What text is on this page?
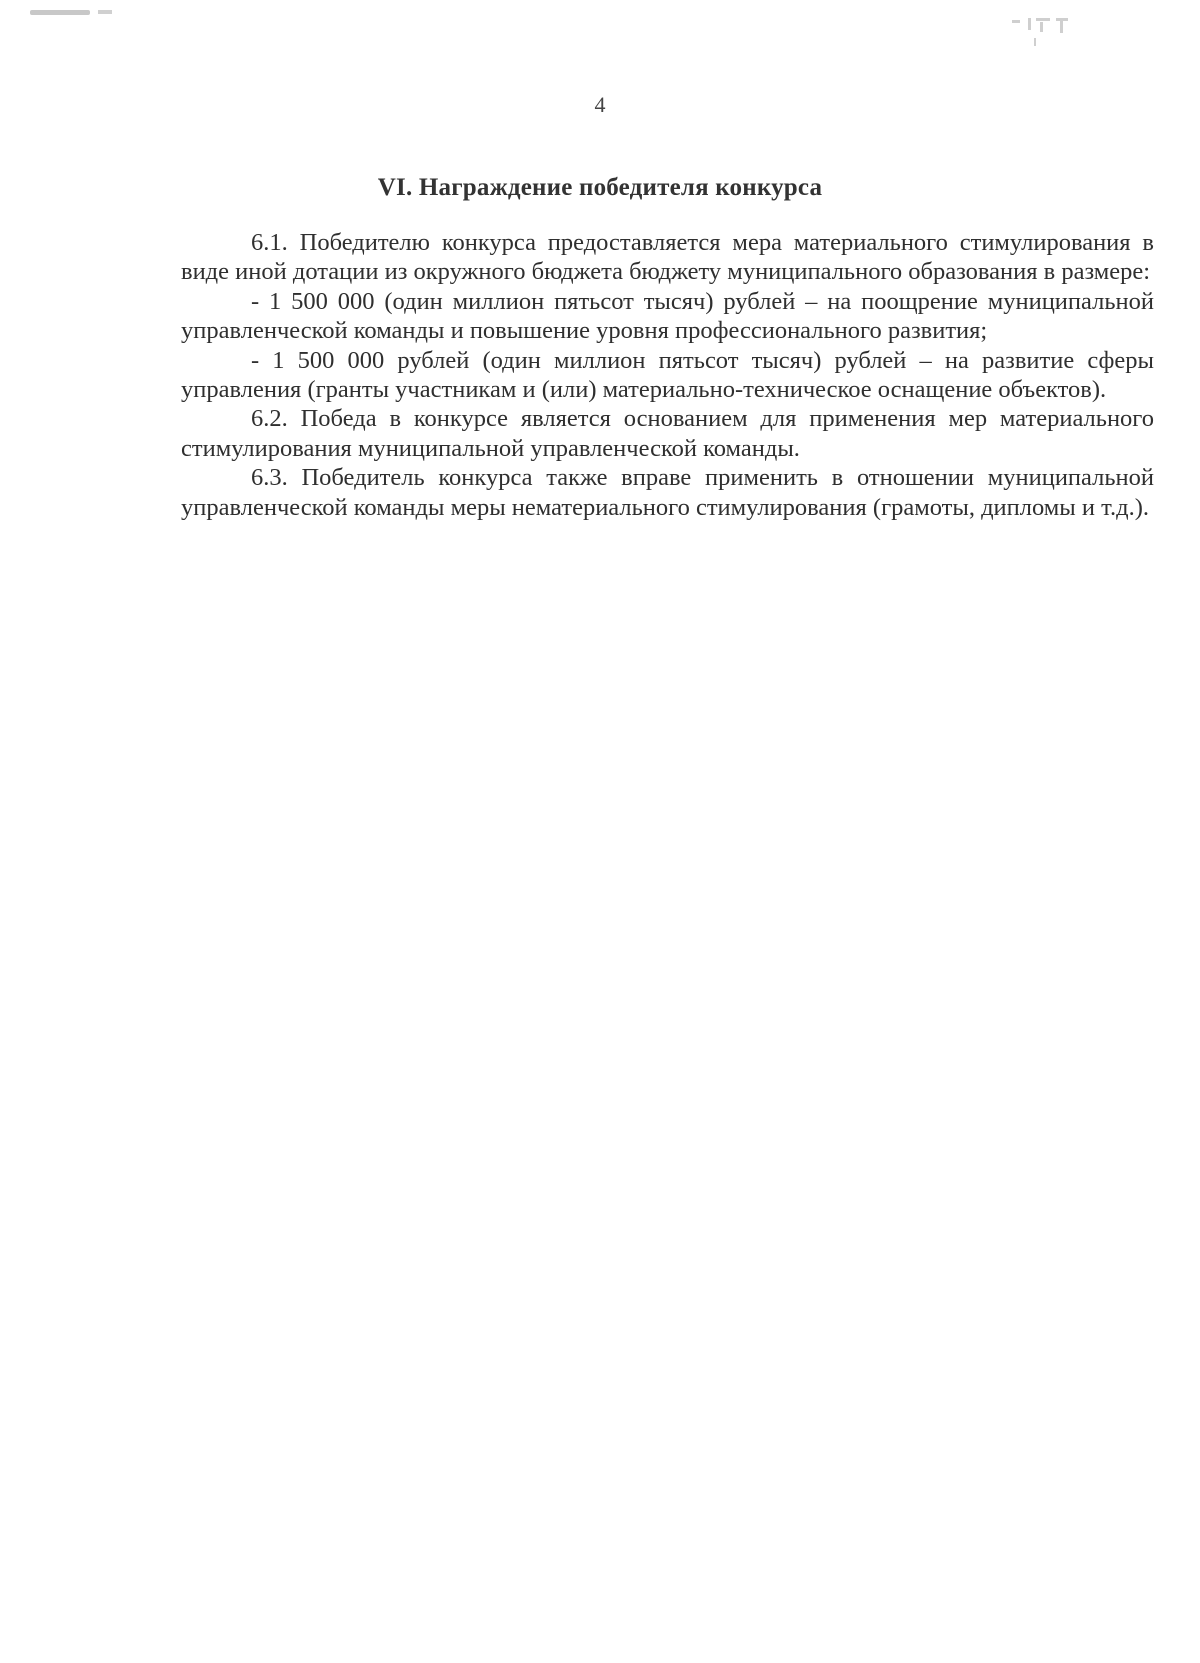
4
VI. Награждение победителя конкурса

6.1. Победителю конкурса предоставляется мера материального стимулирования в виде иной дотации из окружного бюджета бюджету муниципального образования в размере:

- 1 500 000 (один миллион пятьсот тысяч) рублей – на поощрение муниципальной управленческой команды и повышение уровня профессионального развития;

- 1 500 000 рублей (один миллион пятьсот тысяч) рублей – на развитие сферы управления (гранты участникам и (или) материально-техническое оснащение объектов).

6.2. Победа в конкурсе является основанием для применения мер материального стимулирования муниципальной управленческой команды.

6.3. Победитель конкурса также вправе применить в отношении муниципальной управленческой команды меры нематериального стимулирования (грамоты, дипломы и т.д.).
